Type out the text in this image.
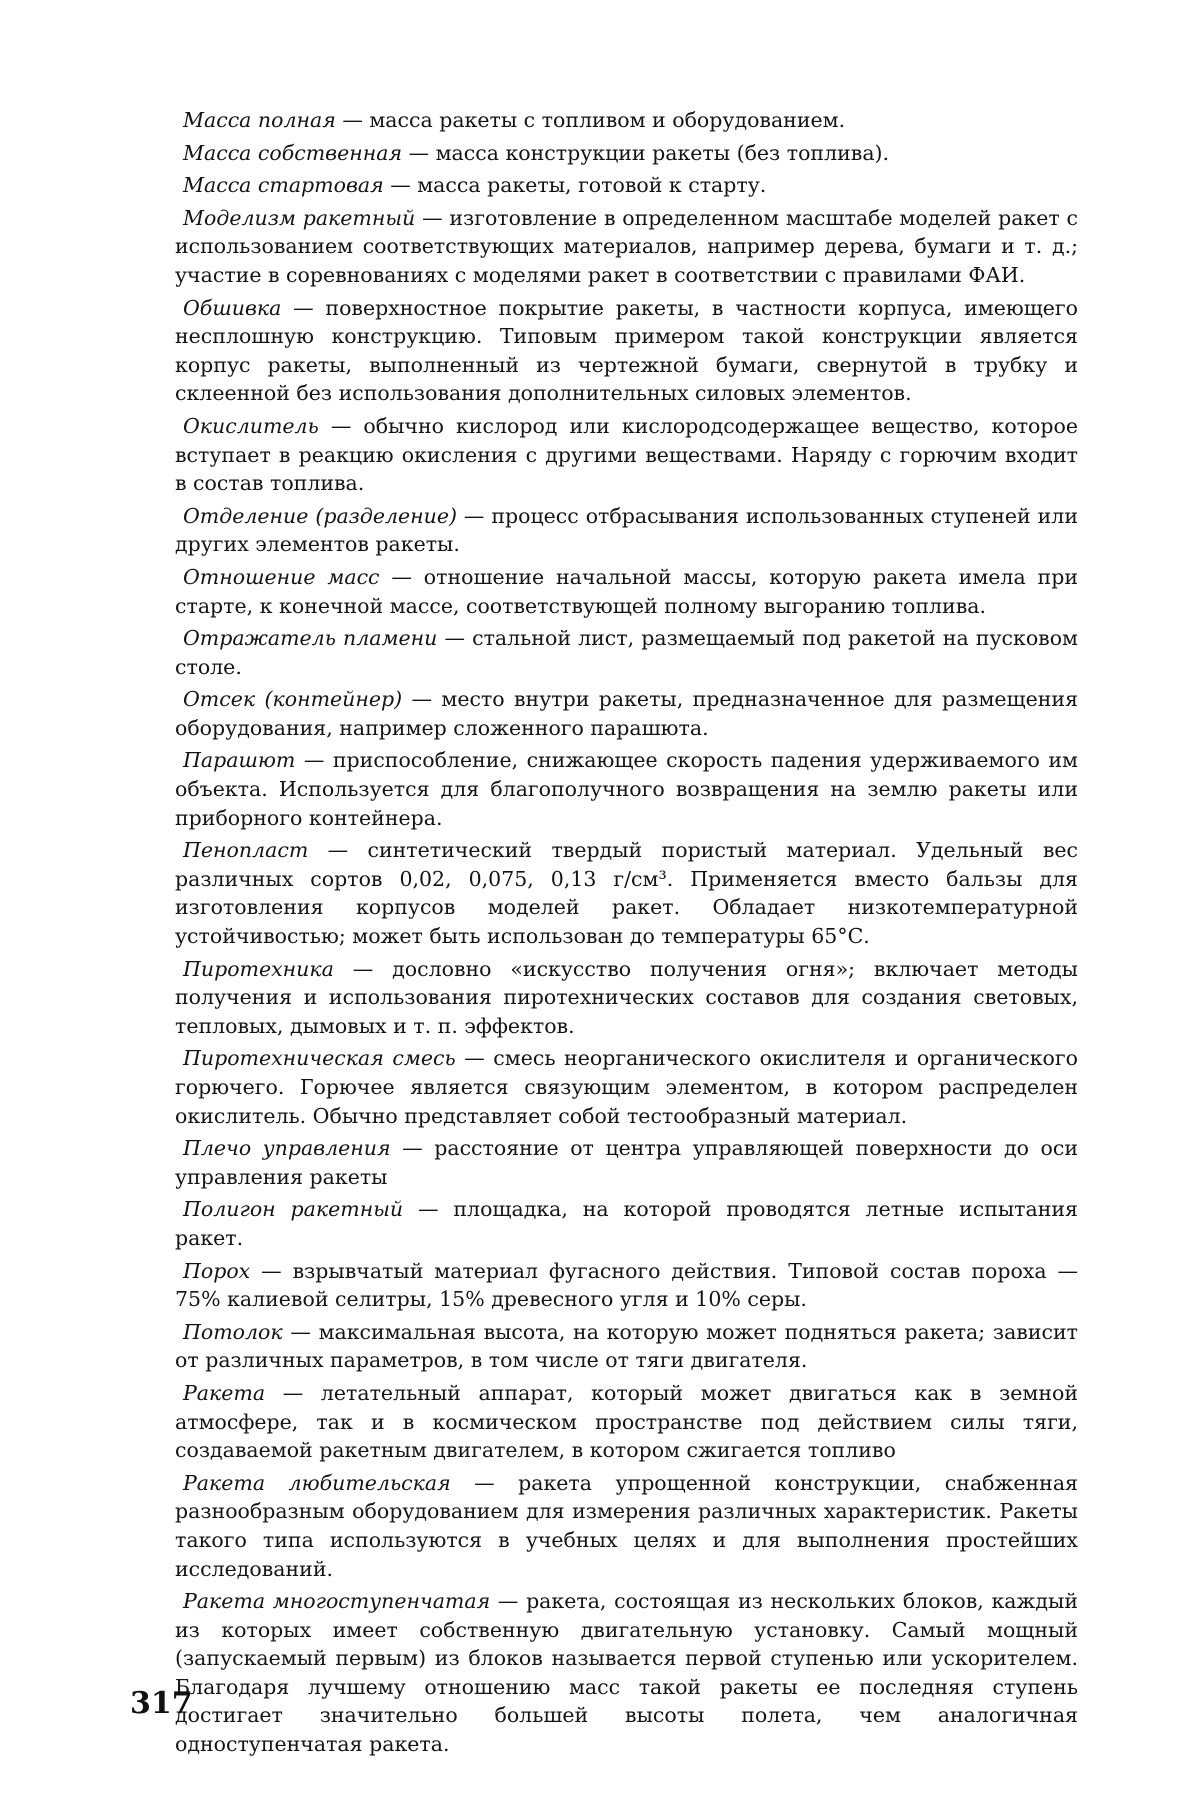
Масса полная — масса ракеты с топливом и оборудованием.

Масса собственная — масса конструкции ракеты (без топлива).

Масса стартовая — масса ракеты, готовой к старту.

Моделизм ракетный — изготовление в определенном масштабе моделей ракет с использованием соответствующих материалов, например дерева, бумаги и т. д.; участие в соревнованиях с моделями ракет в соответствии с правилами ФАИ.

Обшивка — поверхностное покрытие ракеты, в частности корпуса, имеющего несплошную конструкцию. Типовым примером такой конструкции является корпус ракеты, выполненный из чертежной бумаги, свернутой в трубку и склеенной без использования дополнительных силовых элементов.

Окислитель — обычно кислород или кислородсодержащее вещество, которое вступает в реакцию окисления с другими веществами. Наряду с горючим входит в состав топлива.

Отделение (разделение) — процесс отбрасывания использованных ступеней или других элементов ракеты.

Отношение масс — отношение начальной массы, которую ракета имела при старте, к конечной массе, соответствующей полному выгоранию топлива.

Отражатель пламени — стальной лист, размещаемый под ракетой на пусковом столе.

Отсек (контейнер) — место внутри ракеты, предназначенное для размещения оборудования, например сложенного парашюта.

Парашют — приспособление, снижающее скорость падения удерживаемого им объекта. Используется для благополучного возвращения на землю ракеты или приборного контейнера.

Пенопласт — синтетический твердый пористый материал. Удельный вес различных сортов 0,02, 0,075, 0,13 г/см³. Применяется вместо бальзы для изготовления корпусов моделей ракет. Обладает низкотемпературной устойчивостью; может быть использован до температуры 65°С.

Пиротехника — дословно «искусство получения огня»; включает методы получения и использования пиротехнических составов для создания световых, тепловых, дымовых и т. п. эффектов.

Пиротехническая смесь — смесь неорганического окислителя и органического горючего. Горючее является связующим элементом, в котором распределен окислитель. Обычно представляет собой тестообразный материал.

Плечо управления — расстояние от центра управляющей поверхности до оси управления ракеты

Полигон ракетный — площадка, на которой проводятся летные испытания ракет.

Порох — взрывчатый материал фугасного действия. Типовой состав пороха — 75% калиевой селитры, 15% древесного угля и 10% серы.

Потолок — максимальная высота, на которую может подняться ракета; зависит от различных параметров, в том числе от тяги двигателя.

Ракета — летательный аппарат, который может двигаться как в земной атмосфере, так и в космическом пространстве под действием силы тяги, создаваемой ракетным двигателем, в котором сжигается топливо

Ракета любительская — ракета упрощенной конструкции, снабженная разнообразным оборудованием для измерения различных характеристик. Ракеты такого типа используются в учебных целях и для выполнения простейших исследований.

Ракета многоступенчатая — ракета, состоящая из нескольких блоков, каждый из которых имеет собственную двигательную установку. Самый мощный (запускаемый первым) из блоков называется первой ступенью или ускорителем. Благодаря лучшему отношению масс такой ракеты ее последняя ступень достигает значительно большей высоты полета, чем аналогичная одноступенчатая ракета.

317
